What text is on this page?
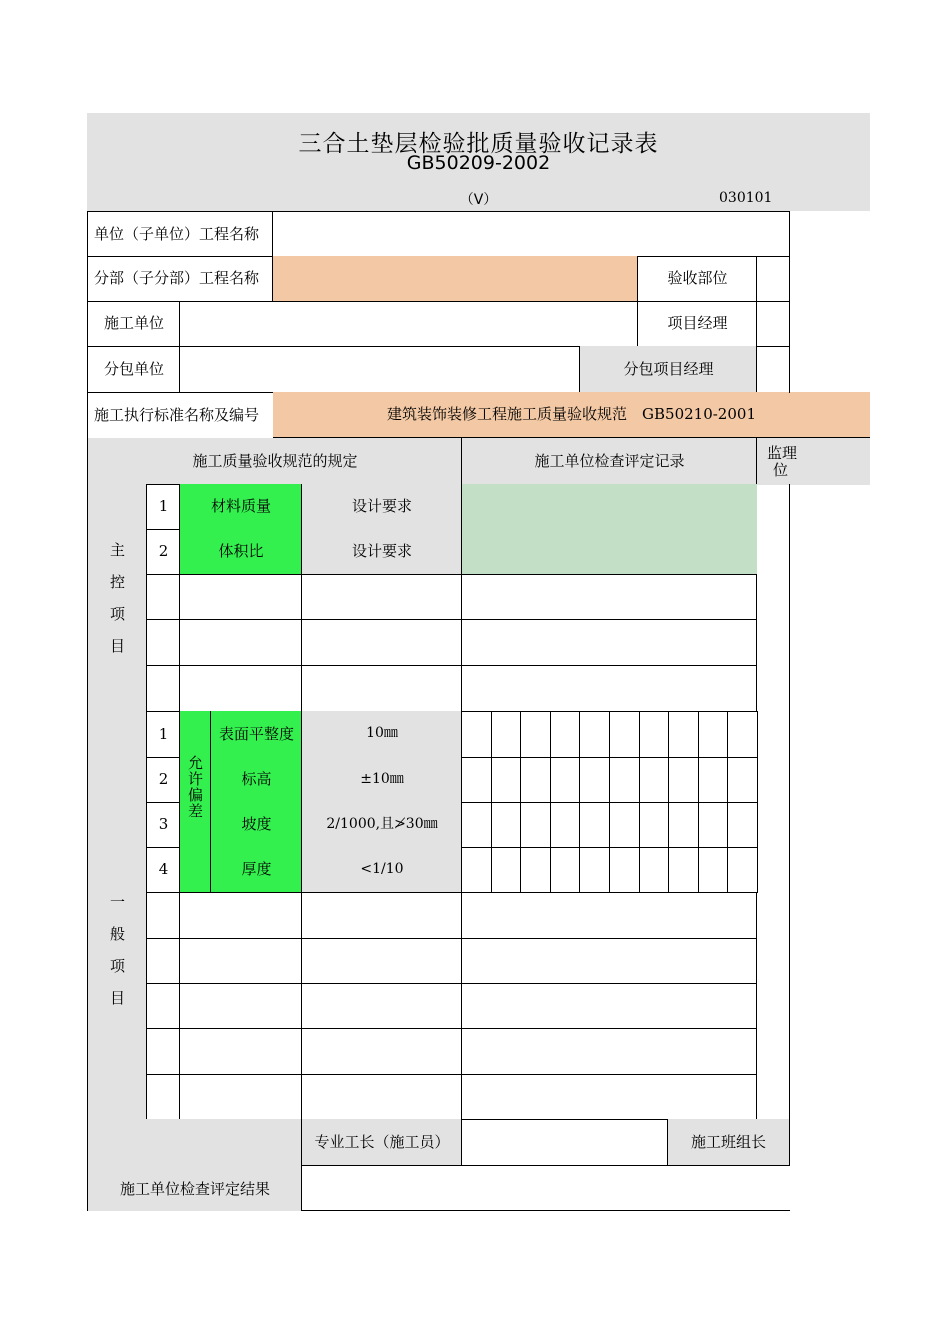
三合土垫层检验批质量验收记录表
GB50209-2002
（Ⅴ）	030101
单位（子单位）工程名称
分部（子分部）工程名称	验收部位
施工单位	项目经理
分包单位	分包项目经理
施工执行标准名称及编号	建筑装饰装修工程施工质量验收规范　GB50210-2001
施工质量验收规范的规定	施工单位检查评定记录	监理
位
主
控
项
目
1	材料质量	设计要求
2	体积比	设计要求
一
般
项
目
允
许
偏
差
1	表面平整度	10㎜
2	标高	±10㎜
3	坡度	2/1000,且≯30㎜
4	厚度	<1/10
施工单位检查评定结果
专业工长（施工员）	施工班组长
